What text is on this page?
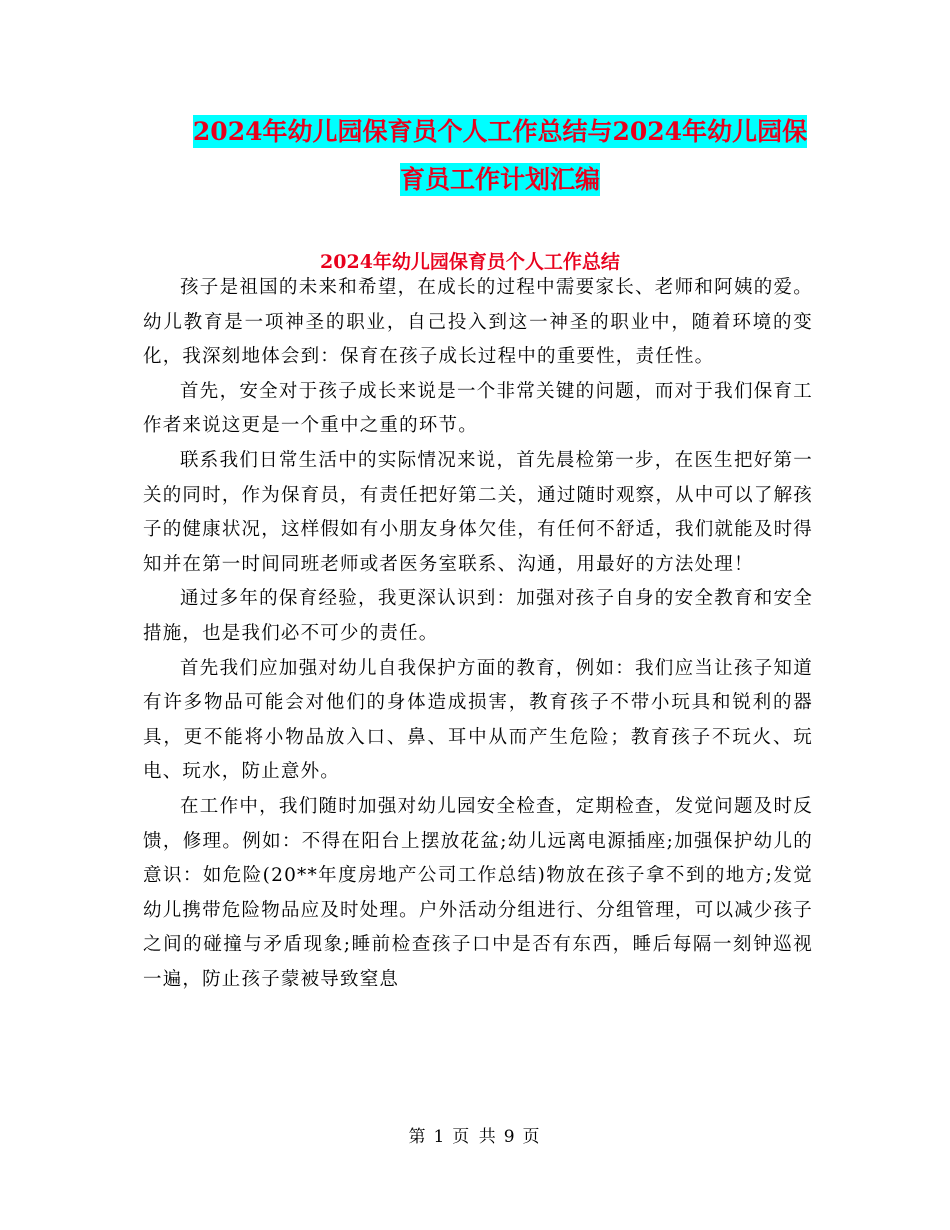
2024年幼儿园保育员个人工作总结与2024年幼儿园保
育员工作计划汇编
2024年幼儿园保育员个人工作总结

孩子是祖国的未来和希望，在成长的过程中需要家长、老师和阿姨的爱。幼儿教育是一项神圣的职业，自己投入到这一神圣的职业中，随着环境的变化，我深刻地体会到：保育在孩子成长过程中的重要性，责任性。

首先，安全对于孩子成长来说是一个非常关键的问题，而对于我们保育工作者来说这更是一个重中之重的环节。

联系我们日常生活中的实际情况来说，首先晨检第一步，在医生把好第一关的同时，作为保育员，有责任把好第二关，通过随时观察，从中可以了解孩子的健康状况，这样假如有小朋友身体欠佳，有任何不舒适，我们就能及时得知并在第一时间同班老师或者医务室联系、沟通，用最好的方法处理！

通过多年的保育经验，我更深认识到：加强对孩子自身的安全教育和安全措施，也是我们必不可少的责任。

首先我们应加强对幼儿自我保护方面的教育，例如：我们应当让孩子知道有许多物品可能会对他们的身体造成损害，教育孩子不带小玩具和锐利的器具，更不能将小物品放入口、鼻、耳中从而产生危险；教育孩子不玩火、玩电、玩水，防止意外。

在工作中，我们随时加强对幼儿园安全检查，定期检查，发觉问题及时反馈，修理。例如：不得在阳台上摆放花盆;幼儿远离电源插座;加强保护幼儿的意识：如危险(20**年度房地产公司工作总结)物放在孩子拿不到的地方;发觉幼儿携带危险物品应及时处理。户外活动分组进行、分组管理，可以减少孩子之间的碰撞与矛盾现象;睡前检查孩子口中是否有东西，睡后每隔一刻钟巡视一遍，防止孩子蒙被导致窒息

第 1 页 共 9 页
